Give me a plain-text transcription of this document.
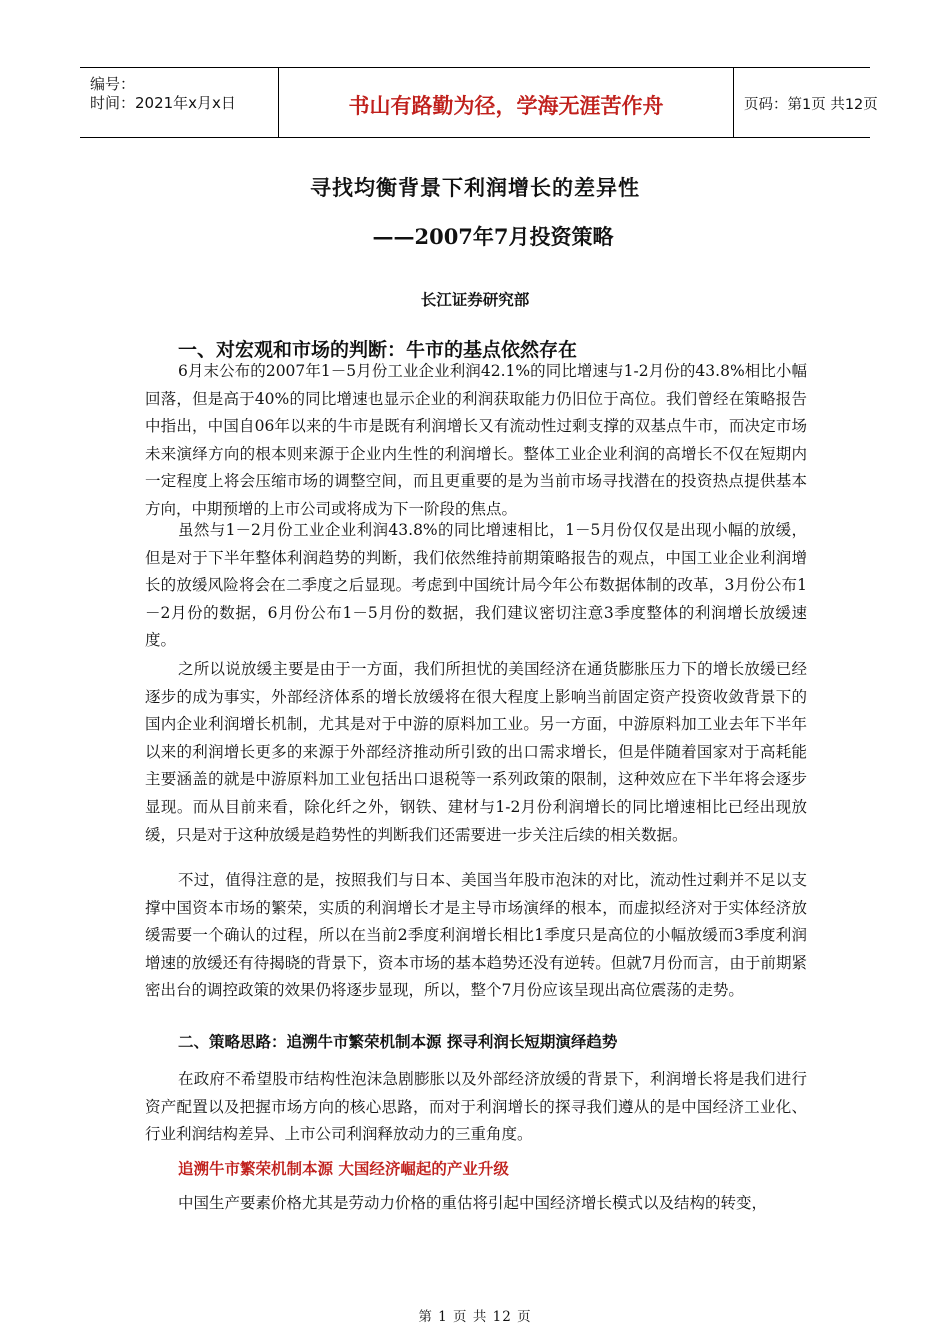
编号：
时间：2021年x月x日	书山有路勤为径，学海无涯苦作舟	页码：第1页 共12页
寻找均衡背景下利润增长的差异性
——2007年7月投资策略
长江证券研究部
一、对宏观和市场的判断：牛市的基点依然存在

6月末公布的2007年1－5月份工业企业利润42.1%的同比增速与1-2月份的43.8%相比小幅回落，但是高于40%的同比增速也显示企业的利润获取能力仍旧位于高位。我们曾经在策略报告中指出，中国自06年以来的牛市是既有利润增长又有流动性过剩支撑的双基点牛市，而决定市场未来演绎方向的根本则来源于企业内生性的利润增长。整体工业企业利润的高增长不仅在短期内一定程度上将会压缩市场的调整空间，而且更重要的是为当前市场寻找潜在的投资热点提供基本方向，中期预增的上市公司或将成为下一阶段的焦点。

虽然与1－2月份工业企业利润43.8%的同比增速相比，1－5月份仅仅是出现小幅的放缓，但是对于下半年整体利润趋势的判断，我们依然维持前期策略报告的观点，中国工业企业利润增长的放缓风险将会在二季度之后显现。考虑到中国统计局今年公布数据体制的改革，3月份公布1－2月份的数据，6月份公布1－5月份的数据，我们建议密切注意3季度整体的利润增长放缓速度。

之所以说放缓主要是由于一方面，我们所担忧的美国经济在通货膨胀压力下的增长放缓已经逐步的成为事实，外部经济体系的增长放缓将在很大程度上影响当前固定资产投资收敛背景下的国内企业利润增长机制，尤其是对于中游的原料加工业。另一方面，中游原料加工业去年下半年以来的利润增长更多的来源于外部经济推动所引致的出口需求增长，但是伴随着国家对于高耗能主要涵盖的就是中游原料加工业包括出口退税等一系列政策的限制，这种效应在下半年将会逐步显现。而从目前来看，除化纤之外，钢铁、建材与1-2月份利润增长的同比增速相比已经出现放缓，只是对于这种放缓是趋势性的判断我们还需要进一步关注后续的相关数据。

不过，值得注意的是，按照我们与日本、美国当年股市泡沫的对比，流动性过剩并不足以支撑中国资本市场的繁荣，实质的利润增长才是主导市场演绎的根本，而虚拟经济对于实体经济放缓需要一个确认的过程，所以在当前2季度利润增长相比1季度只是高位的小幅放缓而3季度利润增速的放缓还有待揭晓的背景下，资本市场的基本趋势还没有逆转。但就7月份而言，由于前期紧密出台的调控政策的效果仍将逐步显现，所以，整个7月份应该呈现出高位震荡的走势。

二、策略思路：追溯牛市繁荣机制本源 探寻利润长短期演绎趋势

在政府不希望股市结构性泡沫急剧膨胀以及外部经济放缓的背景下，利润增长将是我们进行资产配置以及把握市场方向的核心思路，而对于利润增长的探寻我们遵从的是中国经济工业化、行业利润结构差异、上市公司利润释放动力的三重角度。

追溯牛市繁荣机制本源 大国经济崛起的产业升级

中国生产要素价格尤其是劳动力价格的重估将引起中国经济增长模式以及结构的转变，

第 1 页 共 12 页
